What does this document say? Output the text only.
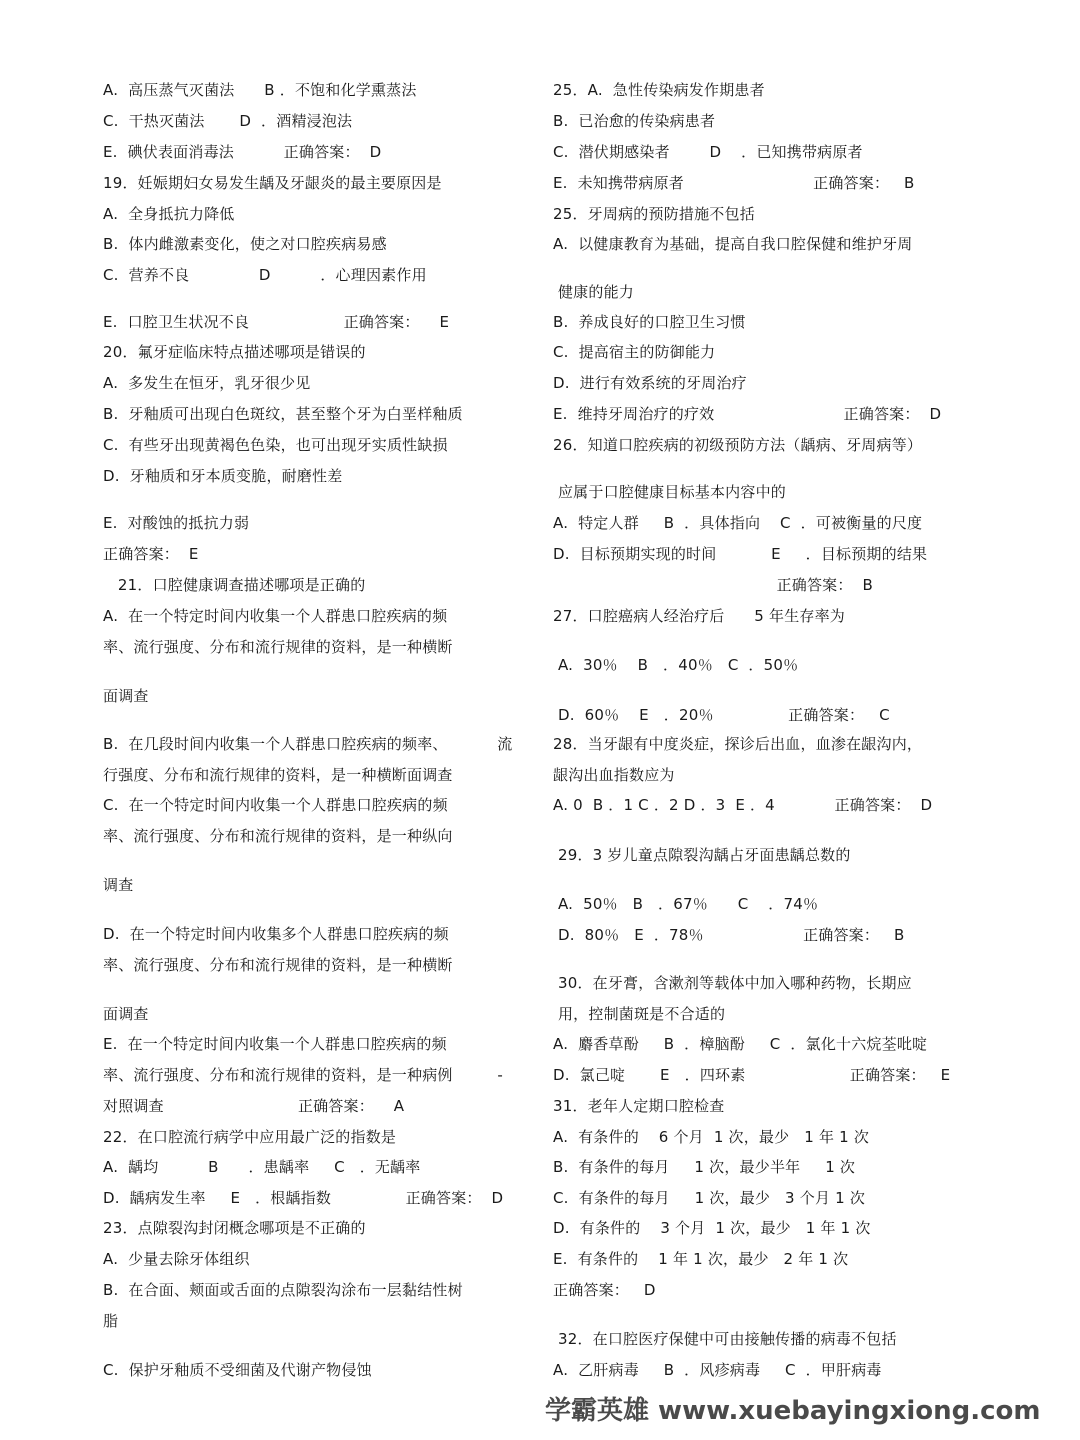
A.  高压蒸气灭菌法      B ．不饱和化学熏蒸法
C.  干热灭菌法       D  ．酒精浸泡法
E.  碘伏表面消毒法          正确答案：  D
19．妊娠期妇女易发生龋及牙龈炎的最主要原因是
A.  全身抵抗力降低
B.  体内雌激素变化，使之对口腔疾病易感
C.  营养不良              D          ．心理因素作用
E.  口腔卫生状况不良                   正确答案：    E
20．氟牙症临床特点描述哪项是错误的
A.  多发生在恒牙，乳牙很少见
B.  牙釉质可出现白色斑纹，甚至整个牙为白垩样釉质
C.  有些牙出现黄褐色色染，也可出现牙实质性缺损
D.  牙釉质和牙本质变脆，耐磨性差
E.  对酸蚀的抵抗力弱
正确答案：  E
21．口腔健康调查描述哪项是正确的
A.  在一个特定时间内收集一个人群患口腔疾病的频
率、流行强度、分布和流行规律的资料，是一种横断
面调查
B.  在几段时间内收集一个人群患口腔疾病的频率、          流
行强度、分布和流行规律的资料，是一种横断面调查
C.  在一个特定时间内收集一个人群患口腔疾病的频
率、流行强度、分布和流行规律的资料，是一种纵向
调查
D.  在一个特定时间内收集多个人群患口腔疾病的频
率、流行强度、分布和流行规律的资料，是一种横断
面调查
E.  在一个特定时间内收集一个人群患口腔疾病的频
率、流行强度、分布和流行规律的资料，是一种病例         -
对照调查                           正确答案：    A
22．在口腔流行病学中应用最广泛的指数是
A.  龋均          B      ．患龋率     C   ．无龋率
D.  龋病发生率     E   ．根龋指数               正确答案：  D
23．点隙裂沟封闭概念哪项是不正确的
A.  少量去除牙体组织
B.  在合面、颊面或舌面的点隙裂沟涂布一层黏结性树
脂
C.  保护牙釉质不受细菌及代谢产物侵蚀
25．A.  急性传染病发作期患者
B.  已治愈的传染病患者
C.  潜伏期感染者        D    ．已知携带病原者
E.  未知携带病原者                          正确答案：   B
25．牙周病的预防措施不包括
A.  以健康教育为基础，提高自我口腔保健和维护牙周
健康的能力
B.  养成良好的口腔卫生习惯
C.  提高宿主的防御能力
D.  进行有效系统的牙周治疗
E.  维持牙周治疗的疗效                          正确答案：  D
26．知道口腔疾病的初级预防方法（龋病、牙周病等）
应属于口腔健康目标基本内容中的
A.  特定人群     B  ．具体指向    C  ．可被衡量的尺度
D.  目标预期实现的时间           E     ．目标预期的结果
正确答案：  B
27．口腔癌病人经治疗后      5 年生存率为
A.  30％    B   ．40％   C  ．50％
D.  60％    E   ．20％               正确答案：   C
28．当牙龈有中度炎症，探诊后出血，血渗在龈沟内，
龈沟出血指数应为
A. 0  B ．1 C ．2 D ．3  E ．4            正确答案：  D
29．3 岁儿童点隙裂沟龋占牙面患龋总数的
A.  50％   B   ．67％      C    ．74％
D.  80％   E  ．78％                    正确答案：   B
30．在牙膏，含漱剂等载体中加入哪种药物，长期应
用，控制菌斑是不合适的
A.  麝香草酚     B  ．樟脑酚     C  ．氯化十六烷荃吡啶
D.  氯己啶       E   ．四环素                     正确答案：   E
31．老年人定期口腔检查
A.  有条件的    6 个月  1 次，最少   1 年 1 次
B.  有条件的每月     1 次，最少半年     1 次
C.  有条件的每月     1 次，最少   3 个月 1 次
D.  有条件的    3 个月  1 次，最少   1 年 1 次
E.  有条件的    1 年 1 次，最少   2 年 1 次
正确答案：   D
32．在口腔医疗保健中可由接触传播的病毒不包括
A.  乙肝病毒     B  ．风疹病毒     C  ．甲肝病毒
学霸英雄 www.xuebayingxiong.com
